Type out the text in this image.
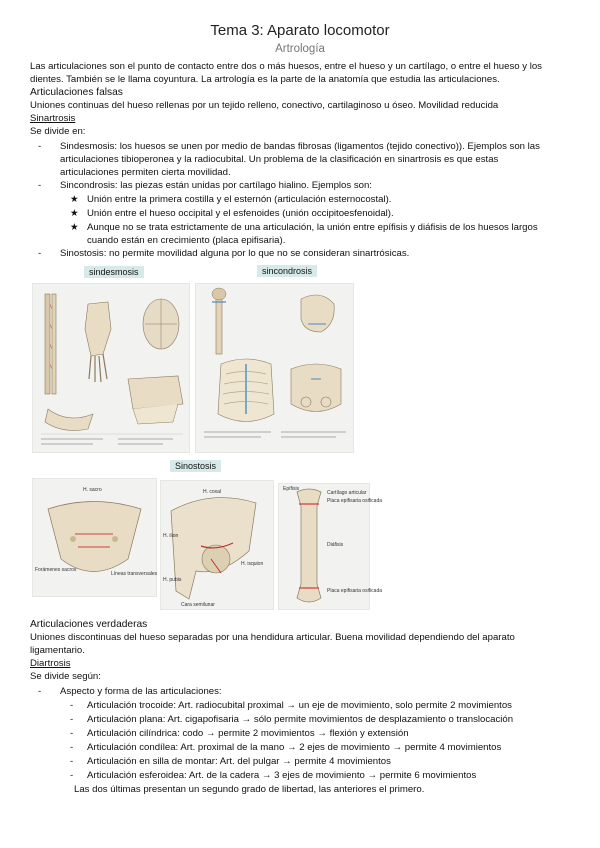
Tema 3: Aparato locomotor
Artrología
Las articulaciones son el punto de contacto entre dos o más huesos, entre el hueso y un cartílago, o entre el hueso y los
dientes. También se le llama coyuntura. La artrología es la parte de la anatomía que estudia las articulaciones.
Articulaciones falsas
Uniones continuas del hueso rellenas por un tejido relleno, conectivo, cartilaginoso u óseo. Movilidad reducida
Sinartrosis
Se divide en:
- Sindesmosis: los huesos se unen por medio de bandas fibrosas (ligamentos (tejido conectivo)). Ejemplos son las
articulaciones tibioperonea y la radiocubital. Un problema de la clasificación en sinartrosis es que estas
articulaciones permiten cierta movilidad.
- Sincondrosis: las piezas están unidas por cartílago hialino. Ejemplos son:
★ Unión entre la primera costilla y el esternón (articulación esternocostal).
★ Unión entre el hueso occipital y el esfenoides (unión occipitoesfenoidal).
★ Aunque no se trata estrictamente de una articulación, la unión entre epífisis y diáfisis de los huesos largos
cuando están en crecimiento (placa epifisaria).
- Sinostosis: no permite movilidad alguna por lo que no se consideran sinartrósicas.
sindesmosis	sincondrosis
Sinostosis
H. sacro
Forámenes sacros
Líneas transversales
H. coxal
H. ilion
H. pubis
H. isquion
Cara semilunar
Epífisis
Placa epifisaria osificada
Diáfisis
Placa epifisaria osificada
Cartílago articular
Articulaciones verdaderas
Uniones discontinuas del hueso separadas por una hendidura articular. Buena movilidad dependiendo del aparato
ligamentario.
Diartrosis
Se divide según:
- Aspecto y forma de las articulaciones:
- Articulación trocoide: Art. radiocubital proximal → un eje de movimiento, solo permite 2 movimientos
- Articulación plana: Art. cigapofisaria → sólo permite movimientos de desplazamiento o translocación
- Articulación cilíndrica: codo → permite 2 movimientos → flexión y extensión
- Articulación condílea: Art. proximal de la mano → 2 ejes de movimiento → permite 4 movimientos
- Articulación en silla de montar: Art. del pulgar → permite 4 movimientos
- Articulación esferoidea: Art. de la cadera → 3 ejes de movimiento → permite 6 movimientos
Las dos últimas presentan un segundo grado de libertad, las anteriores el primero.
